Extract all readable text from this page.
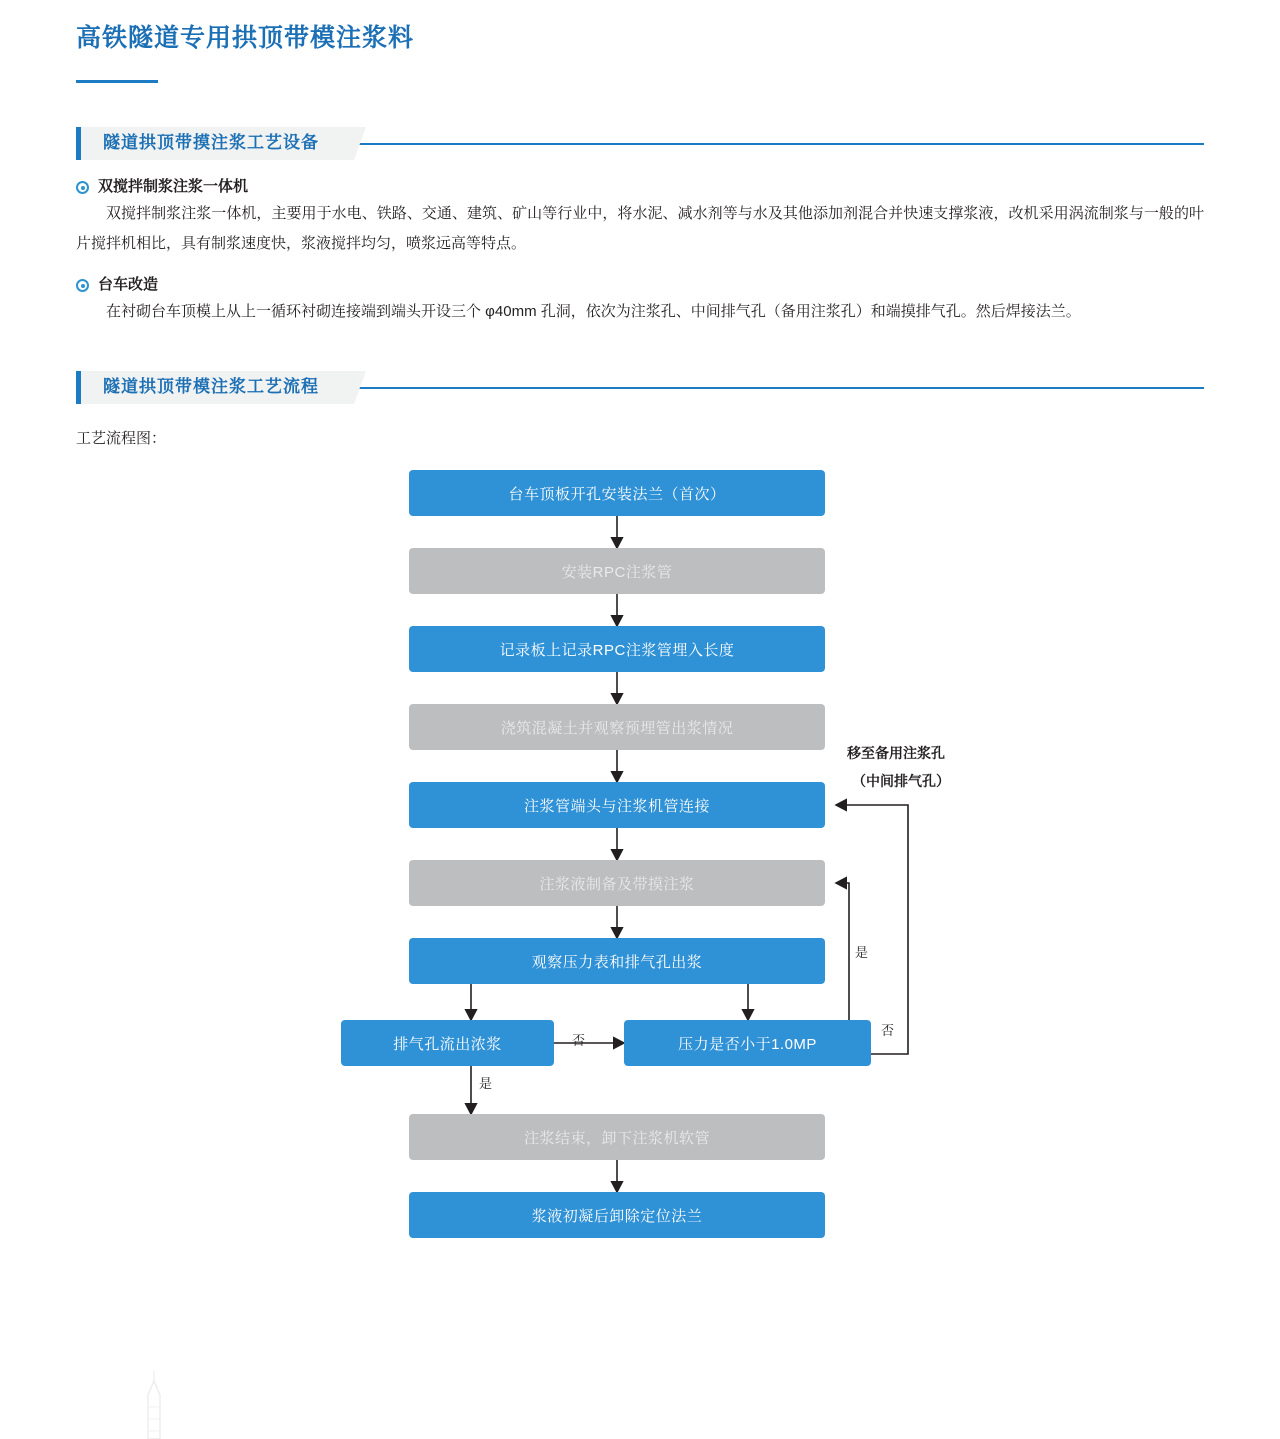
高铁隧道专用拱顶带模注浆料
隧道拱顶带摸注浆工艺设备
双搅拌制浆注浆一体机

双搅拌制浆注浆一体机，主要用于水电、铁路、交通、建筑、矿山等行业中，将水泥、减水剂等与水及其他添加剂混合并快速支撑浆液，改机采用涡流制浆与一般的叶片搅拌机相比，具有制浆速度快，浆液搅拌均匀，喷浆远高等特点。

台车改造

在衬砌台车顶模上从上一循环衬砌连接端到端头开设三个 φ40mm 孔洞，依次为注浆孔、中间排气孔（备用注浆孔）和端摸排气孔。然后焊接法兰。

隧道拱顶带模注浆工艺流程
工艺流程图：
台车顶板开孔安装法兰（首次）
安装RPC注浆管
记录板上记录RPC注浆管埋入长度
浇筑混凝土并观察预埋管出浆情况
注浆管端头与注浆机管连接
注浆液制备及带摸注浆
观察压力表和排气孔出浆
排气孔流出浓浆	压力是否小于1.0MP
注浆结束，卸下注浆机软管
浆液初凝后卸除定位法兰
移至备用注浆孔
（中间排气孔）
否
是
是
否
